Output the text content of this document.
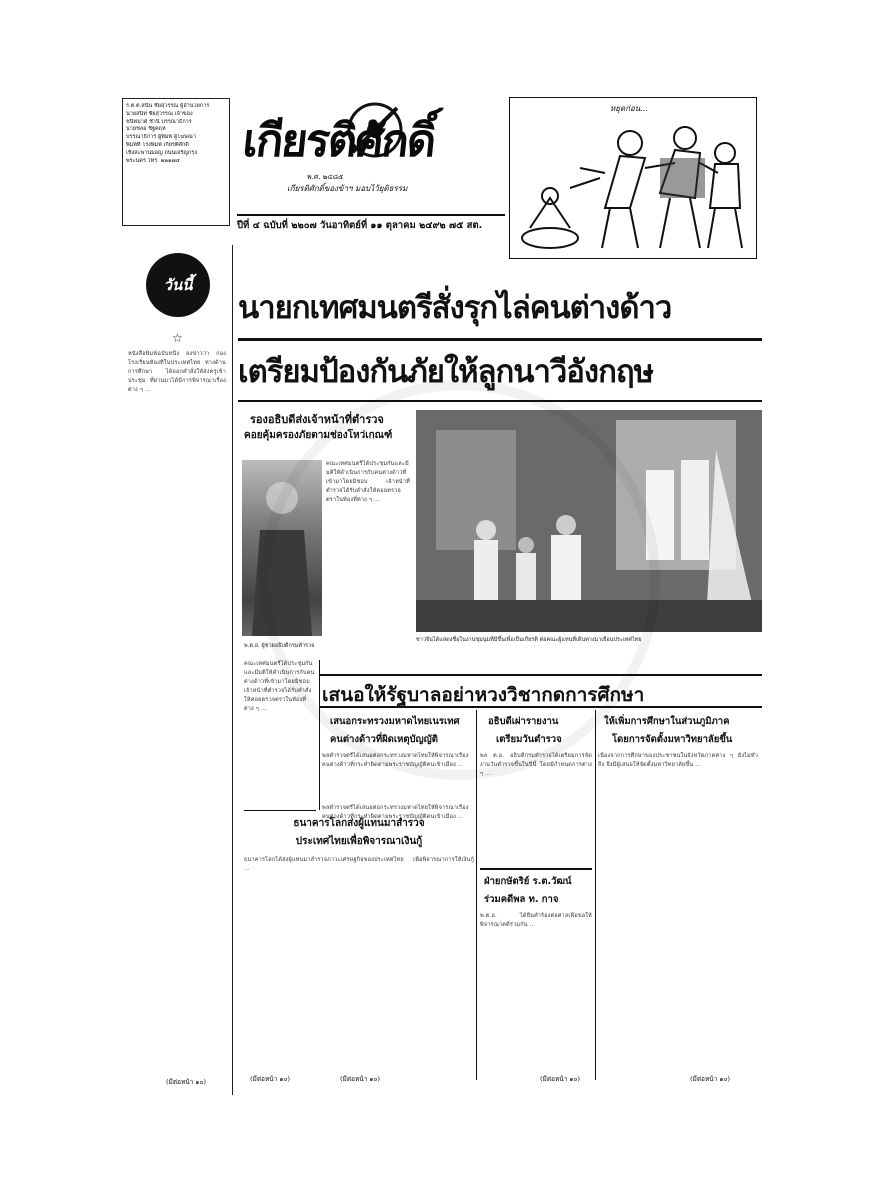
ร.ต.ต.สนั่น ชัยสุวรรณ ผู้อำนวยการ
นายสนิท ชัยสุวรรณ เจ้าของ
ชนิทมาศ ชำนิ บรรณาธิการ
นายชลอ ชิฐคฤห
บรรณาธิการ ผู้พิมพ์ ผู้โฆษณา
พิมพ์ที่ โรงพิมพ์ เกียรติศักดิ์
เชิงสะพานมอญ ถนนเจริญกรุง
พระนคร โทร. ๒๒๑๗๔	เกียรติศักดิ์
พ.ศ. ๒๔๘๕
เกียรติศักดิ์ของข้าฯ มอบไว้ยุติธรรม
ปีที่ ๔ ฉบับที่ ๒๒๐๗ วันอาทิตย์ที่ ๑๑ ตุลาคม ๒๔๙๒ ๗๕ สต.
หยุดก่อน...
วันนี้
☆
หนังสือพิมพ์ฉบับหนึ่ง ลงข่าวว่า กองโรงเรียนท้องที่ในประเทศไทย ทางด้านการศึกษา ได้ออกคำสั่งให้ส่งครูเข้าประชุม ที่ผ่านมาได้มีการพิจารณาเรื่องต่าง ๆ ...
(มีต่อหน้า ๑๐)
นายกเทศมนตรีสั่งรุกไล่คนต่างด้าว
เตรียมป้องกันภัยให้ลูกนาวีอังกฤษ
รองอธิบดีส่งเจ้าหน้าที่ตำรวจ
คอยคุ้มครองภัยตามช่องโหว่เกณฑ์
คณะเทศมนตรีได้ประชุมกันและมีมติให้ดำเนินการกับคนต่างด้าวที่เข้ามาโดยมิชอบ เจ้าหน้าที่ตำรวจได้รับคำสั่งให้คอยตรวจตราในท้องที่ต่าง ๆ ...
พ.ต.อ. ผู้ช่วยอธิบดีกรมตำรวจ
ชาวจีนได้แสดงชื่อในงานชุมนุมที่มีขึ้นเพื่อเป็นเกียรติ ต่อคณะผู้แทนที่เดินทางมาเยือนประเทศไทย
เสนอให้รัฐบาลอย่าหวงวิชากดการศึกษา
คณะเทศมนตรีได้ประชุมกันและมีมติให้ดำเนินการกับคนต่างด้าวที่เข้ามาโดยมิชอบ เจ้าหน้าที่ตำรวจได้รับคำสั่งให้คอยตรวจตราในท้องที่ต่าง ๆ ...
เสนอกระทรวงมหาดไทยเนรเทศ
คนต่างด้าวที่ผิดเหตุบัญญัติ
พลตำรวจตรีได้เสนอต่อกระทรวงมหาดไทยให้พิจารณาเรื่องคนต่างด้าวที่กระทำผิดตามพระราชบัญญัติคนเข้าเมือง ...
อธิบดีเผ่ารายงาน
เตรียมวันตำรวจ
พล ต.อ. อธิบดีกรมตำรวจได้เตรียมการจัดงานวันตำรวจขึ้นในปีนี้ โดยมีกำหนดการต่าง ๆ ...
ให้เพิ่มการศึกษาในส่วนภูมิภาค
โดยการจัดตั้งมหาวิทยาลัยขึ้น
เนื่องจากการศึกษาของประชาชนในจังหวัดภาคต่าง ๆ ยังไม่ทั่วถึง จึงมีผู้เสนอให้จัดตั้งมหาวิทยาลัยขึ้น ...
(มีต่อหน้า ๑๐)
พลตำรวจตรีได้เสนอต่อกระทรวงมหาดไทยให้พิจารณาเรื่องคนต่างด้าวที่กระทำผิดตามพระราชบัญญัติคนเข้าเมือง ...
ธนาคารโลกส่งผู้แทนมาสำรวจ
ประเทศไทยเพื่อพิจารณาเงินกู้
ธนาคารโลกได้ส่งผู้แทนมาสำรวจภาวะเศรษฐกิจของประเทศไทย เพื่อพิจารณาการให้เงินกู้ ...
(มีต่อหน้า ๑๐)
(มีต่อหน้า ๑๐)
ฝ่ายกษัตริย์ ร.ต.วัฒน์
ร่วมคดีพล ท. กาจ
พ.ต.อ. ได้ยื่นคำร้องต่อศาลเพื่อขอให้พิจารณาคดีร่วมกัน ...
(มีต่อหน้า ๑๐)
